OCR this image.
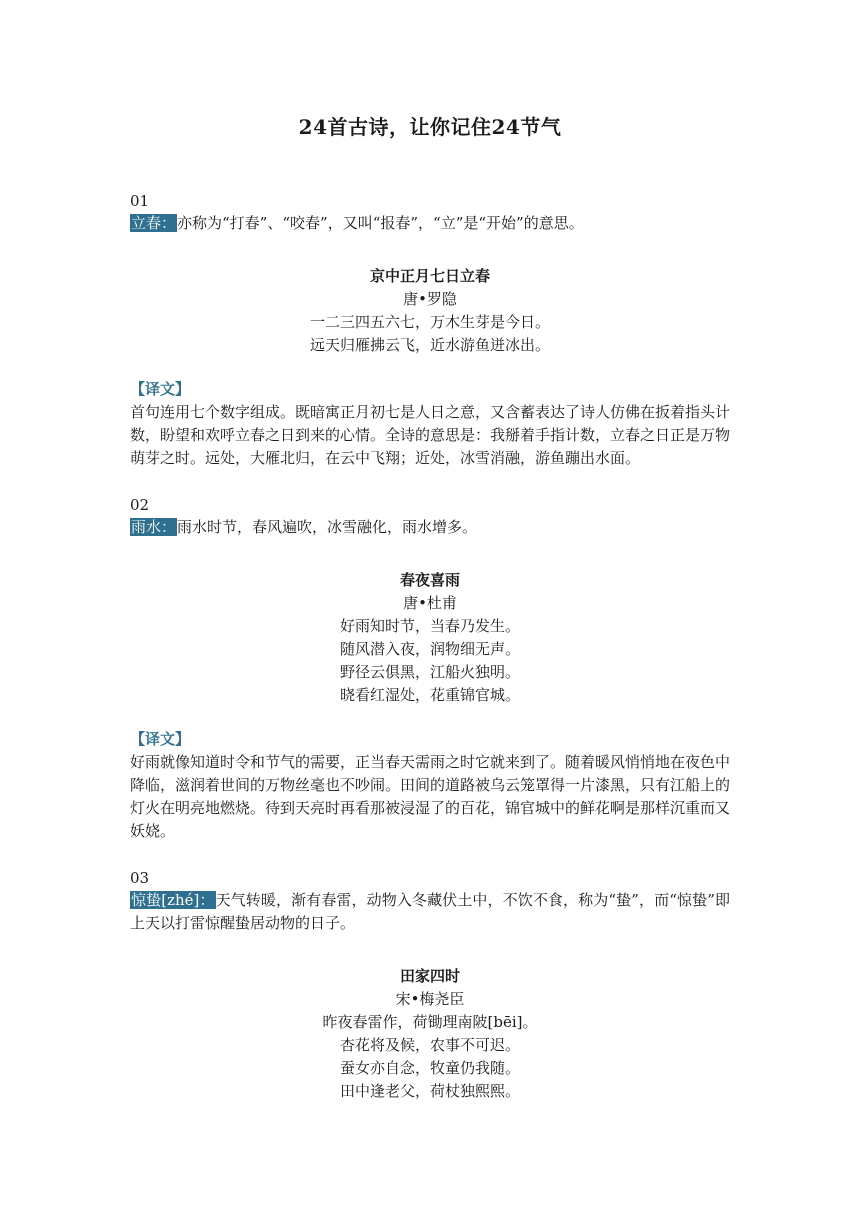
24首古诗，让你记住24节气

01

立春：亦称为“打春”、“咬春”，又叫“报春”，“立”是“开始”的意思。

京中正月七日立春

唐•罗隐

一二三四五六七，万木生芽是今日。

远天归雁拂云飞，近水游鱼迸冰出。

【译文】

首句连用七个数字组成。既暗寓正月初七是人日之意，又含蓄表达了诗人仿佛在扳着指头计数，盼望和欢呼立春之日到来的心情。全诗的意思是：我掰着手指计数，立春之日正是万物萌芽之时。远处，大雁北归，在云中飞翔；近处，冰雪消融，游鱼蹦出水面。

02

雨水：雨水时节，春风遍吹，冰雪融化，雨水增多。

春夜喜雨

唐•杜甫

好雨知时节，当春乃发生。

随风潜入夜，润物细无声。

野径云俱黑，江船火独明。

晓看红湿处，花重锦官城。

【译文】

好雨就像知道时令和节气的需要，正当春天需雨之时它就来到了。随着暖风悄悄地在夜色中降临，滋润着世间的万物丝毫也不吵闹。田间的道路被乌云笼罩得一片漆黑，只有江船上的灯火在明亮地燃烧。待到天亮时再看那被浸湿了的百花，锦官城中的鲜花啊是那样沉重而又妖娆。

03

惊蛰[zhé]：天气转暖，渐有春雷，动物入冬藏伏土中，不饮不食，称为“蛰”，而“惊蛰”即上天以打雷惊醒蛰居动物的日子。

田家四时

宋•梅尧臣

昨夜春雷作，荷锄理南陂[bēi]。

杏花将及候，农事不可迟。

蚕女亦自念，牧童仍我随。

田中逢老父，荷杖独熙熙。
